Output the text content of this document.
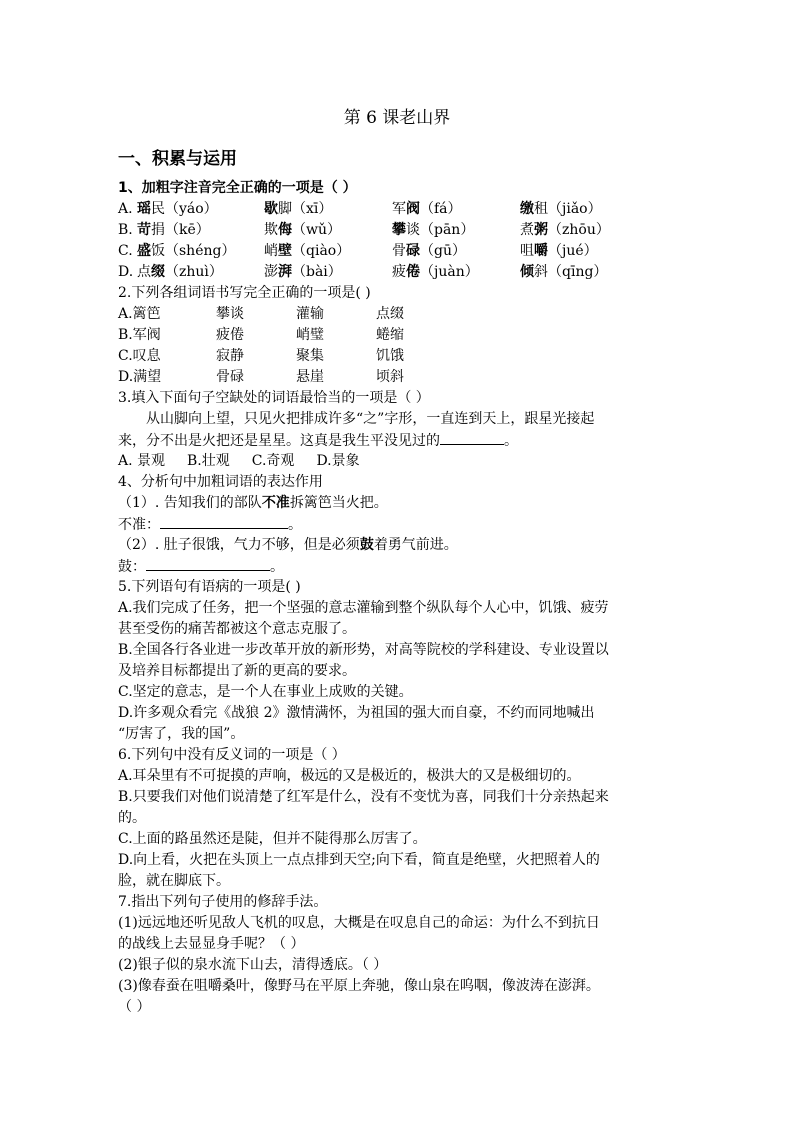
第 6 课老山界
一、积累与运用
1、加粗字注音完全正确的一项是（ ）
A. 瑶民（yáo）	歇脚（xī）	军阀（fá）	缴租（jiǎo）
B. 苛捐（kē）	欺侮（wǔ）	攀谈（pān）	煮粥（zhōu）
C. 盛饭（shéng） 峭壁（qiào）	骨碌（gū）	咀嚼（jué）
D. 点缀（zhuì）	澎湃（bài）	疲倦（juàn）	倾斜（qīng）
2.下列各组词语书写完全正确的一项是( )
A.篱笆	攀谈	灌输	点缀
B.军阀	疲倦	峭璧	蜷缩
C.叹息	寂静	聚集	饥饿
D.满望	骨碌	悬崖	顷斜
3.填入下面句子空缺处的词语最恰当的一项是（ ）
从山脚向上望，只见火把排成许多“之”字形，一直连到天上，跟星光接起
来，分不出是火把还是星星。这真是我生平没见过的	。
A. 景观 B.壮观 C.奇观 D.景象
4、分析句中加粗词语的表达作用
（1）. 告知我们的部队不准拆篱笆当火把。
不准：	。
（2）. 肚子很饿，气力不够，但是必须鼓着勇气前进。
鼓：	。
5.下列语句有语病的一项是( )
A.我们完成了任务，把一个坚强的意志灌输到整个纵队每个人心中，饥饿、疲劳
甚至受伤的痛苦都被这个意志克服了。
B.全国各行各业进一步改革开放的新形势，对高等院校的学科建设、专业设置以
及培养目标都提出了新的更高的要求。
C.坚定的意志，是一个人在事业上成败的关键。
D.许多观众看完《战狼 2》激情满怀，为祖国的强大而自豪，不约而同地喊出
“厉害了，我的国”。
6.下列句中没有反义词的一项是（ ）
A.耳朵里有不可捉摸的声响，极远的又是极近的，极洪大的又是极细切的。
B.只要我们对他们说清楚了红军是什么，没有不变忧为喜，同我们十分亲热起来
的。
C.上面的路虽然还是陡，但并不陡得那么厉害了。
D.向上看，火把在头顶上一点点排到天空;向下看，简直是绝壁，火把照着人的
脸，就在脚底下。
7.指出下列句子使用的修辞手法。
(1)远远地还听见敌人飞机的叹息，大概是在叹息自己的命运：为什么不到抗日
的战线上去显显身手呢？（ ）
(2)银子似的泉水流下山去，清得透底。（ ）
(3)像春蚕在咀嚼桑叶，像野马在平原上奔驰，像山泉在呜咽，像波涛在澎湃。
（ ）
